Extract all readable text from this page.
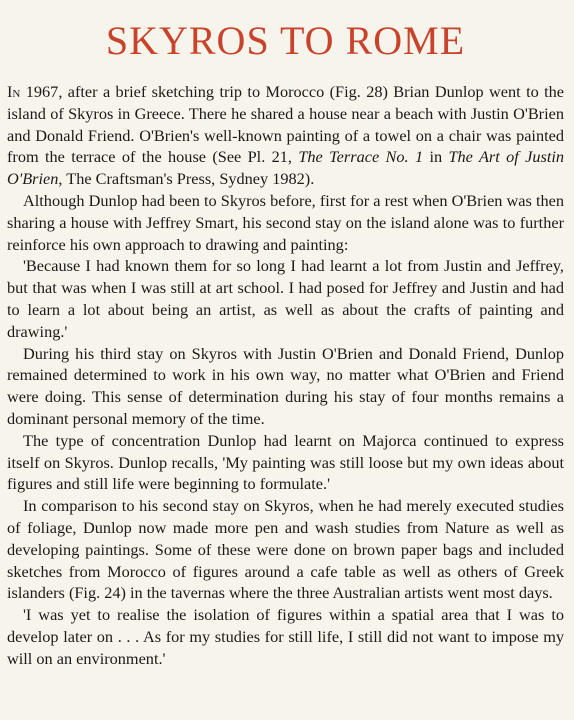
SKYROS TO ROME

In 1967, after a brief sketching trip to Morocco (Fig. 28) Brian Dunlop went to the island of Skyros in Greece. There he shared a house near a beach with Justin O'Brien and Donald Friend. O'Brien's well-known painting of a towel on a chair was painted from the terrace of the house (See Pl. 21, The Terrace No. 1 in The Art of Justin O'Brien, The Craftsman's Press, Sydney 1982).

Although Dunlop had been to Skyros before, first for a rest when O'Brien was then sharing a house with Jeffrey Smart, his second stay on the island alone was to further reinforce his own approach to drawing and painting:

'Because I had known them for so long I had learnt a lot from Justin and Jeffrey, but that was when I was still at art school. I had posed for Jeffrey and Justin and had to learn a lot about being an artist, as well as about the crafts of painting and drawing.'

During his third stay on Skyros with Justin O'Brien and Donald Friend, Dunlop remained determined to work in his own way, no matter what O'Brien and Friend were doing. This sense of determination during his stay of four months remains a dominant personal memory of the time.

The type of concentration Dunlop had learnt on Majorca continued to express itself on Skyros. Dunlop recalls, 'My painting was still loose but my own ideas about figures and still life were beginning to formulate.'

In comparison to his second stay on Skyros, when he had merely executed studies of foliage, Dunlop now made more pen and wash studies from Nature as well as developing paintings. Some of these were done on brown paper bags and included sketches from Morocco of figures around a cafe table as well as others of Greek islanders (Fig. 24) in the tavernas where the three Australian artists went most days.

'I was yet to realise the isolation of figures within a spatial area that I was to develop later on . . . As for my studies for still life, I still did not want to impose my will on an environment.'
